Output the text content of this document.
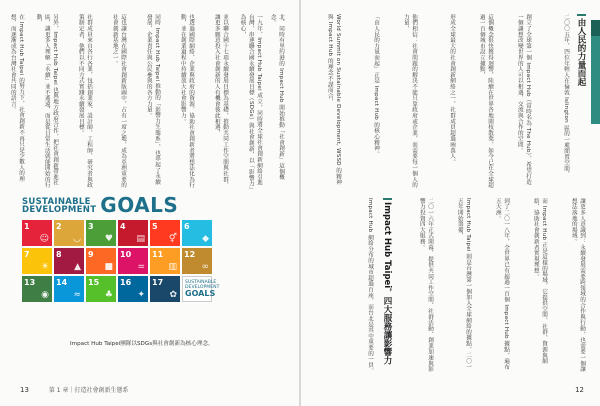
北、同時有里約港的 Impact Hub 開始推動「社會創新」這個概念。
一九年，Impact Hub Taipei 成立，同時將全球社會創新網絡引進台灣，串連聯合國永續發展目標（SDGs）與社會創新，以「影響力」為核心，
並以聯合國十七項永續發展目標為基礎，推動共同工作空間與社群，讓更多願意投入社會創新的人有機會彼此相遇，
也透過國際網絡、企業與政府的資源，協助社會創新者將想法化為行動，並在創業過程中持續放大社會影響力。
同時 Impact Hub Taipei 推動的「影響力生態系」，也串起了永續發展、企業責任與公民參與的各方力量。
這也讓台灣在國際社會創新版圖中，占有一席之地，成為亞洲重要的社會創新基地之一。
社群成員來自各行各業，包括創業家、設計師、工程師、研究者與政策制定者，他們以不同方式實踐永續發展目標。
另外，Impact Hub Taipei 也與地方政府合作，把社會創新帶進社區，讓更多人理解「永續」並不遙遠，而是從日常生活就能開始的行動，
在 Impact Hub Taipei 的努力下，社會創新不再只是少數人的理想，而逐漸成為台灣社會共同的語言。
SUSTAINABLE
DEVELOPMENT GOALS
1
☺
2
◡
3
♥
4
▤
5
⚥
6
◆
7
☀
8
▲
9
■
10
=
11
▥
12
∞
13
◉
14
≈
15
♣
16
✦
17
✿
SUSTAINABLE
DEVELOPMENT
GOALS
Impact Hub Taipei團隊以SDGs與社會創新為核心理念。
13	第 1 章｜打造社會創新生態系
由人民的力量而起
二〇〇五年，四位年輕人在倫敦 Islington 區的一處閒置空間，
創立了全球第一個 Impact Hub（當時名為 The Hub），希望打造一個讓想改變世界的人可以相遇、交流與合作的空間。
這個概念很快獲得迴響，陸續在世界各地開枝散葉，如今已在全球超過一百個城市設立據點，
形成全球最大的社會創新網絡之一，社群成員超過兩萬人。
他們相信：社會問題的解決不能只靠政府或企業，而需要每一個人的力量，
「由人民的力量而起」正是 Impact Hub 的核心精神。
World Summit on Sustainable Development, WSSD 的精神與 Impact Hub 的理念不謀而合，
讓更多人意識到：永續發展需要跨領域的合作與行動，也需要一個讓想法落地的場域。
而 Impact Hub 正是這樣的場域，它提供空間、社群、資源與網絡，協助社會創新者實現理想。
到了二〇一八年，全世界已有超過一百個 Impact Hub 據點，遍布五大洲。
Impact Hub Taipei 則是台灣第一個加入全球網絡的據點，二〇一五年開始籌備，
二〇一六年正式開幕，提供共同工作空間、社群活動、創業加速與影響力投資四大服務。
Impact Hub Taipei，四大服務讓影響力
Impact Hub 網絡分布的城市超過百座，而台北是其中重要的一員。
12
